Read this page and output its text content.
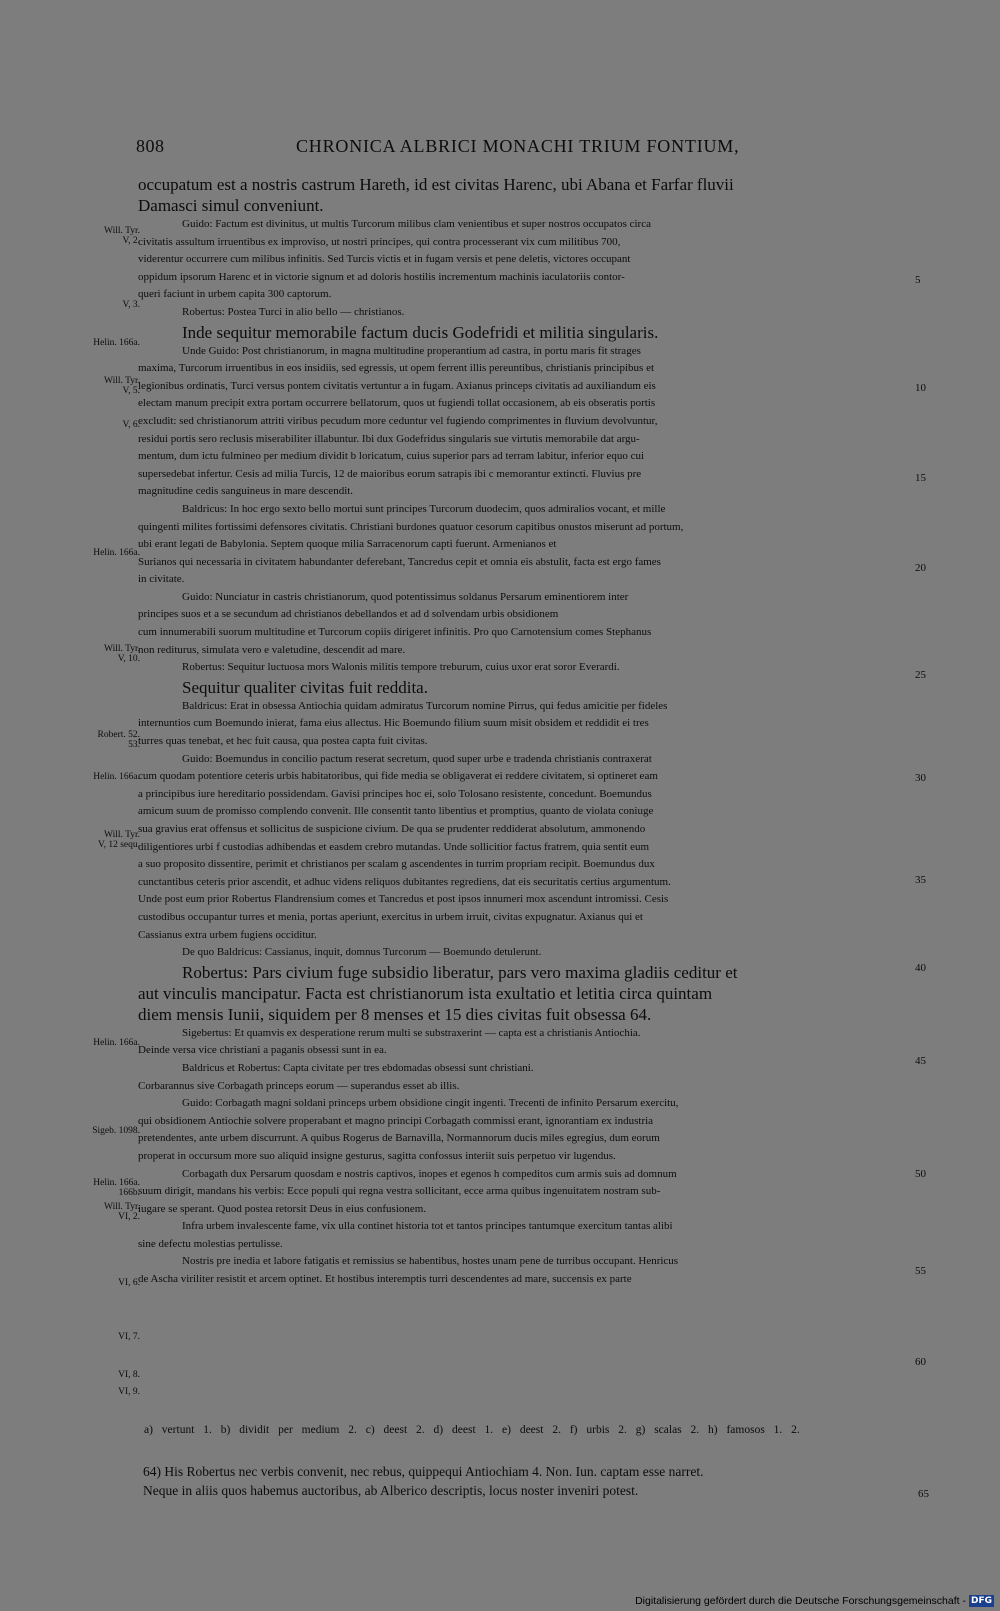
808	CHRONICA ALBRICI MONACHI TRIUM FONTIUM,
occupatum est a nostris castrum Hareth, id est civitas Harenc, ubi Abana et Farfar fluvii
Damasci simul conveniunt.
Guido: Factum est divinitus, ut multis Turcorum milibus clam venientibus et super nostros occupatos circa
civitatis assultum irruentibus ex improviso, ut nostri principes, qui contra processerant vix cum militibus 700,
viderentur occurrere cum milibus infinitis. Sed Turcis victis et in fugam versis et pene deletis, victores occupant
oppidum ipsorum Harenc et in victorie signum et ad doloris hostilis incrementum machinis iaculatoriis contor-
queri faciunt in urbem capita 300 captorum.
Robertus: Postea Turci in alio bello — christianos.
Inde sequitur memorabile factum ducis Godefridi et militia singularis.
Unde Guido: Post christianorum, in magna multitudine properantium ad castra, in portu maris fit strages
maxima, Turcorum irruentibus in eos insidiis, sed egressis, ut opem ferrent illis pereuntibus, christianis principibus et
legionibus ordinatis, Turci versus pontem civitatis vertuntur a in fugam. Axianus princeps civitatis ad auxiliandum eis
electam manum precipit extra portam occurrere bellatorum, quos ut fugiendi tollat occasionem, ab eis obseratis portis
excludit: sed christianorum attriti viribus pecudum more ceduntur vel fugiendo comprimentes in fluvium devolvuntur,
residui portis sero reclusis miserabiliter illabuntur. Ibi dux Godefridus singularis sue virtutis memorabile dat argu-
mentum, dum ictu fulmineo per medium dividit b loricatum, cuius superior pars ad terram labitur, inferior equo cui
supersedebat infertur. Cesis ad milia Turcis, 12 de maioribus eorum satrapis ibi c memorantur extincti. Fluvius pre
magnitudine cedis sanguineus in mare descendit.
Baldricus: In hoc ergo sexto bello mortui sunt principes Turcorum duodecim, quos admiralios vocant, et mille
quingenti milites fortissimi defensores civitatis. Christiani burdones quatuor cesorum capitibus onustos miserunt ad portum,
ubi erant legati de Babylonia. Septem quoque milia Sarracenorum capti fuerunt. Armenianos et
Surianos qui necessaria in civitatem habundanter deferebant, Tancredus cepit et omnia eis abstulit, facta est ergo fames
in civitate.
Guido: Nunciatur in castris christianorum, quod potentissimus soldanus Persarum eminentiorem inter
principes suos et a se secundum ad christianos debellandos et ad d solvendam urbis obsidionem
cum innumerabili suorum multitudine et Turcorum copiis dirigeret infinitis. Pro quo Carnotensium comes Stephanus
non rediturus, simulata vero e valetudine, descendit ad mare.
Robertus: Sequitur luctuosa mors Walonis militis tempore treburum, cuius uxor erat soror Everardi.
Sequitur qualiter civitas fuit reddita.
Baldricus: Erat in obsessa Antiochia quidam admiratus Turcorum nomine Pirrus, qui fedus amicitie per fideles
internuntios cum Boemundo inierat, fama eius allectus. Hic Boemundo filium suum misit obsidem et reddidit ei tres
turres quas tenebat, et hec fuit causa, qua postea capta fuit civitas.
Guido: Boemundus in concilio pactum reserat secretum, quod super urbe e tradenda christianis contraxerat
cum quodam potentiore ceteris urbis habitatoribus, qui fide media se obligaverat ei reddere civitatem, si optineret eam
a principibus iure hereditario possidendam. Gavisi principes hoc ei, solo Tolosano resistente, concedunt. Boemundus
amicum suum de promisso complendo convenit. Ille consentit tanto libentius et promptius, quanto de violata coniuge
sua gravius erat offensus et sollicitus de suspicione civium. De qua se prudenter reddiderat absolutum, ammonendo
diligentiores urbi f custodias adhibendas et easdem crebro mutandas. Unde sollicitior factus fratrem, quia sentit eum
a suo proposito dissentire, perimit et christianos per scalam g ascendentes in turrim propriam recipit. Boemundus dux
cunctantibus ceteris prior ascendit, et adhuc videns reliquos dubitantes regrediens, dat eis securitatis certius argumentum.
Unde post eum prior Robertus Flandrensium comes et Tancredus et post ipsos innumeri mox ascendunt intromissi. Cesis
custodibus occupantur turres et menia, portas aperiunt, exercitus in urbem irruit, civitas expugnatur. Axianus qui et
Cassianus extra urbem fugiens occiditur.
De quo Baldricus: Cassianus, inquit, domnus Turcorum — Boemundo detulerunt.
Robertus: Pars civium fuge subsidio liberatur, pars vero maxima gladiis ceditur et
aut vinculis mancipatur. Facta est christianorum ista exultatio et letitia circa quintam
diem mensis Iunii, siquidem per 8 menses et 15 dies civitas fuit obsessa 64.
Sigebertus: Et quamvis ex desperatione rerum multi se substraxerint — capta est a christianis Antiochia.
Deinde versa vice christiani a paganis obsessi sunt in ea.
Baldricus et Robertus: Capta civitate per tres ebdomadas obsessi sunt christiani.
Corbarannus sive Corbagath princeps eorum — superandus esset ab illis.
Guido: Corbagath magni soldani princeps urbem obsidione cingit ingenti. Trecenti de infinito Persarum exercitu,
qui obsidionem Antiochie solvere properabant et magno principi Corbagath commissi erant, ignorantiam ex industria
pretendentes, ante urbem discurrunt. A quibus Rogerus de Barnavilla, Normannorum ducis miles egregius, dum eorum
properat in occursum more suo aliquid insigne gesturus, sagitta confossus interiit suis perpetuo vir lugendus.
Corbagath dux Persarum quosdam e nostris captivos, inopes et egenos h compeditos cum armis suis ad domnum
suum dirigit, mandans his verbis: Ecce populi qui regna vestra sollicitant, ecce arma quibus ingenuitatem nostram sub-
iugare se sperant. Quod postea retorsit Deus in eius confusionem.
Infra urbem invalescente fame, vix ulla continet historia tot et tantos principes tantumque exercitum tantas alibi
sine defectu molestias pertulisse.
Nostris pre inedia et labore fatigatis et remissius se habentibus, hostes unam pene de turribus occupant. Henricus
de Ascha viriliter resistit et arcem optinet. Et hostibus interemptis turri descendentes ad mare, succensis ex parte
Will. Tyr.
V, 2.
V, 3.
Helin. 166a.
Will. Tyr.
V, 5.
V, 6.
Helin. 166a.
Will. Tyr.
V, 10.
Robert. 52.
53.
Helin. 166a.
Will. Tyr.
V, 12 sequ.
Helin. 166a.
Sigeb. 1098.
Helin. 166a.
166b.
Will. Tyr.
VI, 2.
VI, 6.
VI, 7.
VI, 8.
VI, 9.
5
10
15
20
25
30
35
40
45
50
55
60
a) vertunt 1. b) dividit per medium 2. c) deest 2. d) deest 1. e) deest 2. f) urbis 2. g) scalas 2. h) famosos 1. 2.
64) His Robertus nec verbis convenit, nec rebus, quippequi Antiochiam 4. Non. Iun. captam esse narret.
Neque in aliis quos habemus auctoribus, ab Alberico descriptis, locus noster inveniri potest.	65
Digitalisierung gefördert durch die Deutsche Forschungsgemeinschaft - DFG
